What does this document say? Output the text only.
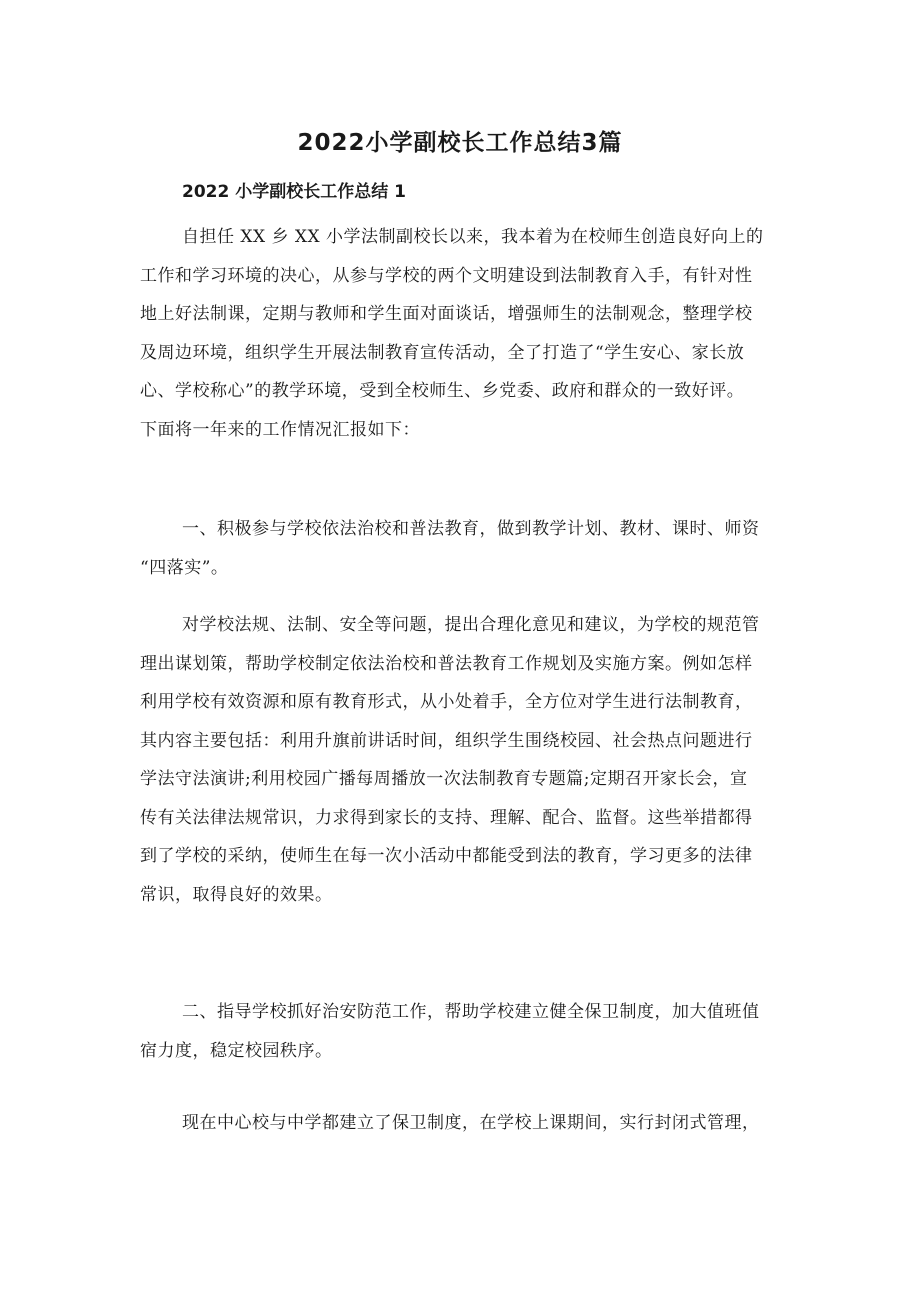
2022小学副校长工作总结3篇
2022 小学副校长工作总结 1

自担任 XX 乡 XX 小学法制副校长以来，我本着为在校师生创造良好向上的
工作和学习环境的决心，从参与学校的两个文明建设到法制教育入手，有针对性
地上好法制课，定期与教师和学生面对面谈话，增强师生的法制观念，整理学校
及周边环境，组织学生开展法制教育宣传活动，全了打造了“学生安心、家长放
心、学校称心”的教学环境，受到全校师生、乡党委、政府和群众的一致好评。
下面将一年来的工作情况汇报如下：

一、积极参与学校依法治校和普法教育，做到教学计划、教材、课时、师资
“四落实”。

对学校法规、法制、安全等问题，提出合理化意见和建议，为学校的规范管
理出谋划策，帮助学校制定依法治校和普法教育工作规划及实施方案。例如怎样
利用学校有效资源和原有教育形式，从小处着手，全方位对学生进行法制教育，
其内容主要包括：利用升旗前讲话时间，组织学生围绕校园、社会热点问题进行
学法守法演讲;利用校园广播每周播放一次法制教育专题篇;定期召开家长会，宣
传有关法律法规常识，力求得到家长的支持、理解、配合、监督。这些举措都得
到了学校的采纳，使师生在每一次小活动中都能受到法的教育，学习更多的法律
常识，取得良好的效果。

二、指导学校抓好治安防范工作，帮助学校建立健全保卫制度，加大值班值
宿力度，稳定校园秩序。

现在中心校与中学都建立了保卫制度，在学校上课期间，实行封闭式管理，
